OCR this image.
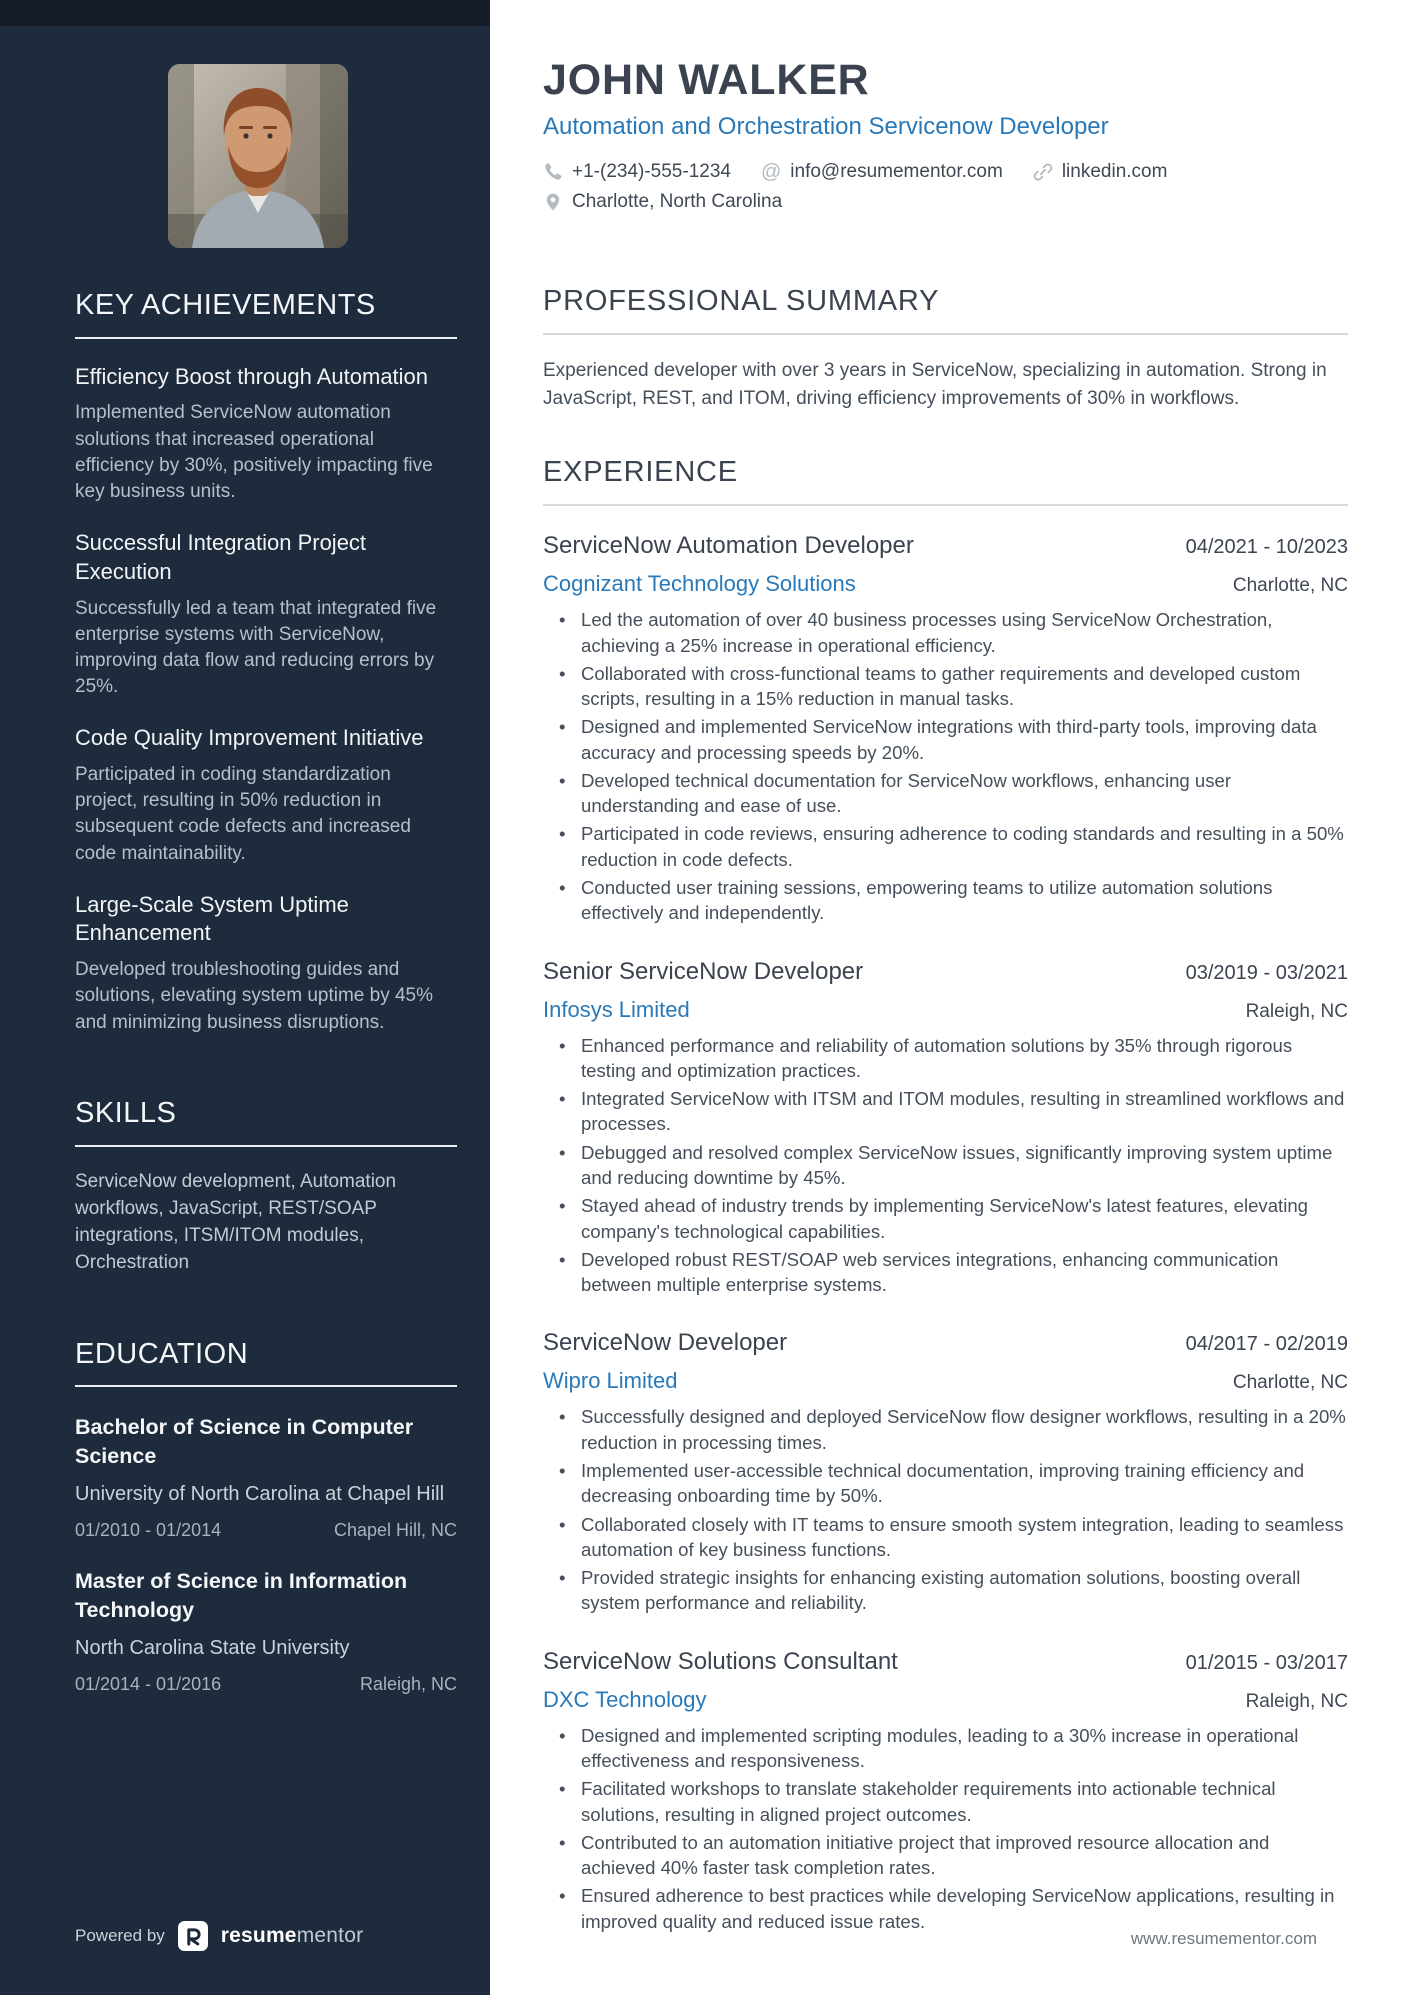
KEY ACHIEVEMENTS
Efficiency Boost through Automation
Implemented ServiceNow automation solutions that increased operational efficiency by 30%, positively impacting five key business units.
Successful Integration Project Execution
Successfully led a team that integrated five enterprise systems with ServiceNow, improving data flow and reducing errors by 25%.
Code Quality Improvement Initiative
Participated in coding standardization project, resulting in 50% reduction in subsequent code defects and increased code maintainability.
Large-Scale System Uptime Enhancement
Developed troubleshooting guides and solutions, elevating system uptime by 45% and minimizing business disruptions.
SKILLS

ServiceNow development, Automation workflows, JavaScript, REST/SOAP integrations, ITSM/ITOM modules, Orchestration

EDUCATION
Bachelor of Science in Computer Science
University of North Carolina at Chapel Hill
01/2010 - 01/2014	Chapel Hill, NC
Master of Science in Information Technology
North Carolina State University
01/2014 - 01/2016	Raleigh, NC
Powered by	resumementor
JOHN WALKER
Automation and Orchestration Servicenow Developer
+1-(234)-555-1234 @ info@resumementor.com	linkedin.com
Charlotte, North Carolina
PROFESSIONAL SUMMARY

Experienced developer with over 3 years in ServiceNow, specializing in automation. Strong in JavaScript, REST, and ITOM, driving efficiency improvements of 30% in workflows.

EXPERIENCE
ServiceNow Automation Developer	04/2021 - 10/2023
Cognizant Technology Solutions	Charlotte, NC
• Led the automation of over 40 business processes using ServiceNow Orchestration, achieving a 25% increase in operational efficiency.
• Collaborated with cross-functional teams to gather requirements and developed custom scripts, resulting in a 15% reduction in manual tasks.
• Designed and implemented ServiceNow integrations with third-party tools, improving data accuracy and processing speeds by 20%.
• Developed technical documentation for ServiceNow workflows, enhancing user understanding and ease of use.
• Participated in code reviews, ensuring adherence to coding standards and resulting in a 50% reduction in code defects.
• Conducted user training sessions, empowering teams to utilize automation solutions effectively and independently.
Senior ServiceNow Developer	03/2019 - 03/2021
Infosys Limited	Raleigh, NC
• Enhanced performance and reliability of automation solutions by 35% through rigorous testing and optimization practices.
• Integrated ServiceNow with ITSM and ITOM modules, resulting in streamlined workflows and processes.
• Debugged and resolved complex ServiceNow issues, significantly improving system uptime and reducing downtime by 45%.
• Stayed ahead of industry trends by implementing ServiceNow's latest features, elevating company's technological capabilities.
• Developed robust REST/SOAP web services integrations, enhancing communication between multiple enterprise systems.
ServiceNow Developer	04/2017 - 02/2019
Wipro Limited	Charlotte, NC
• Successfully designed and deployed ServiceNow flow designer workflows, resulting in a 20% reduction in processing times.
• Implemented user-accessible technical documentation, improving training efficiency and decreasing onboarding time by 50%.
• Collaborated closely with IT teams to ensure smooth system integration, leading to seamless automation of key business functions.
• Provided strategic insights for enhancing existing automation solutions, boosting overall system performance and reliability.
ServiceNow Solutions Consultant	01/2015 - 03/2017
DXC Technology	Raleigh, NC
• Designed and implemented scripting modules, leading to a 30% increase in operational effectiveness and responsiveness.
• Facilitated workshops to translate stakeholder requirements into actionable technical solutions, resulting in aligned project outcomes.
• Contributed to an automation initiative project that improved resource allocation and achieved 40% faster task completion rates.
• Ensured adherence to best practices while developing ServiceNow applications, resulting in improved quality and reduced issue rates.
www.resumementor.com
